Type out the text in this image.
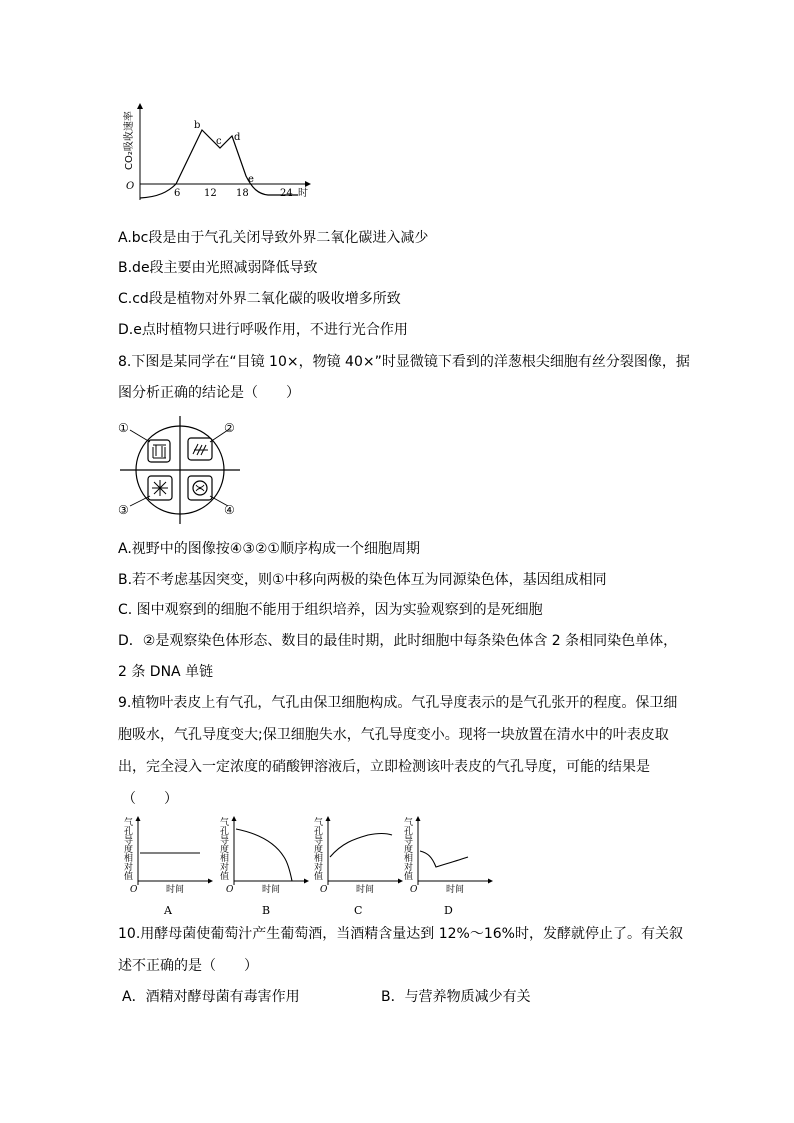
CO₂吸收速率
O
6 12 18	24 时
b
c d
e
A.bc段是由于气孔关闭导致外界二氧化碳进入减少
B.de段主要由光照减弱降低导致
C.cd段是植物对外界二氧化碳的吸收增多所致
D.e点时植物只进行呼吸作用，不进行光合作用
8.下图是某同学在“目镜 10×，物镜 40×”时显微镜下看到的洋葱根尖细胞有丝分裂图像，据
图分析正确的结论是（　　）
①	②
③	④
A.视野中的图像按④③②①顺序构成一个细胞周期
B.若不考虑基因突变，则①中移向两极的染色体互为同源染色体，基因组成相同
C. 图中观察到的细胞不能用于组织培养，因为实验观察到的是死细胞
D．②是观察染色体形态、数目的最佳时期，此时细胞中每条染色体含 2 条相同染色单体，
2 条 DNA 单链
9.植物叶表皮上有气孔，气孔由保卫细胞构成。气孔导度表示的是气孔张开的程度。保卫细
胞吸水，气孔导度变大;保卫细胞失水，气孔导度变小。现将一块放置在清水中的叶表皮取
出，完全浸入一定浓度的硝酸钾溶液后，立即检测该叶表皮的气孔导度，可能的结果是
（　　）
气
孔
导
度
相
对
值
O	时间
气
孔
导
度
相
对
值
O	时间
气
孔
导
度
相
对
值
O	时间
气
孔
导
度
相
对
值
O	时间
A	B	C	D
10.用酵母菌使葡萄汁产生葡萄酒，当酒精含量达到 12%～16%时，发酵就停止了。有关叙
述不正确的是（　　）
A．酒精对酵母菌有毒害作用	B．与营养物质减少有关
